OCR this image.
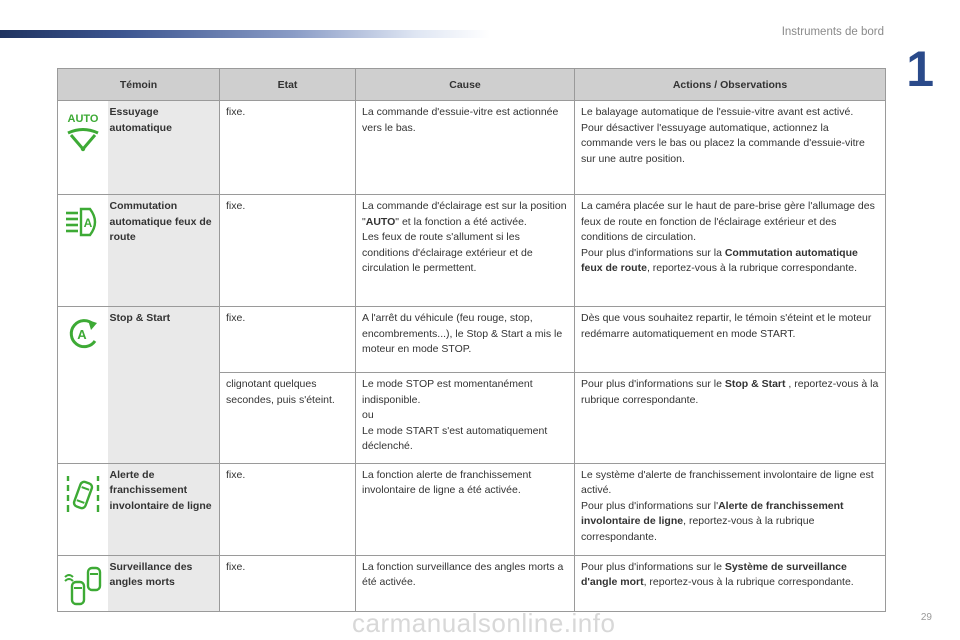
Instruments de bord
1
Témoin		Etat	Cause	Actions / Observations

AUTO	Essuyage automatique	fixe.	La commande d'essuie-vitre est actionnée vers le bas.	Le balayage automatique de l'essuie-vitre avant est activé.
Pour désactiver l'essuyage automatique, actionnez la commande vers le bas ou placez la commande d'essuie-vitre sur une autre position.

A	Commutation automatique feux de route	fixe.	La commande d'éclairage est sur la position "AUTO" et la fonction a été activée.
Les feux de route s'allument si les conditions d'éclairage extérieur et de circulation le permettent.	La caméra placée sur le haut de pare-brise gère l'allumage des feux de route en fonction de l'éclairage extérieur et des conditions de circulation.
Pour plus d'informations sur la Commutation automatique feux de route, reportez-vous à la rubrique correspondante.

A	Stop & Start	fixe.	A l'arrêt du véhicule (feu rouge, stop, encombrements...), le Stop & Start a mis le moteur en mode STOP.	Dès que vous souhaitez repartir, le témoin s'éteint et le moteur redémarre automatiquement en mode START.
		clignotant quelques secondes, puis s'éteint.	Le mode STOP est momentanément indisponible.
ou
Le mode START s'est automatiquement déclenché.	Pour plus d'informations sur le Stop & Start , reportez-vous à la rubrique correspondante.

	Alerte de franchissement involontaire de ligne	fixe.	La fonction alerte de franchissement involontaire de ligne a été activée.	Le système d'alerte de franchissement involontaire de ligne est activé.
Pour plus d'informations sur l'Alerte de franchissement involontaire de ligne, reportez-vous à la rubrique correspondante.

	Surveillance des angles morts	fixe.	La fonction surveillance des angles morts a été activée.	Pour plus d'informations sur le Système de surveillance d'angle mort, reportez-vous à la rubrique correspondante.
carmanualsonline.info	29
